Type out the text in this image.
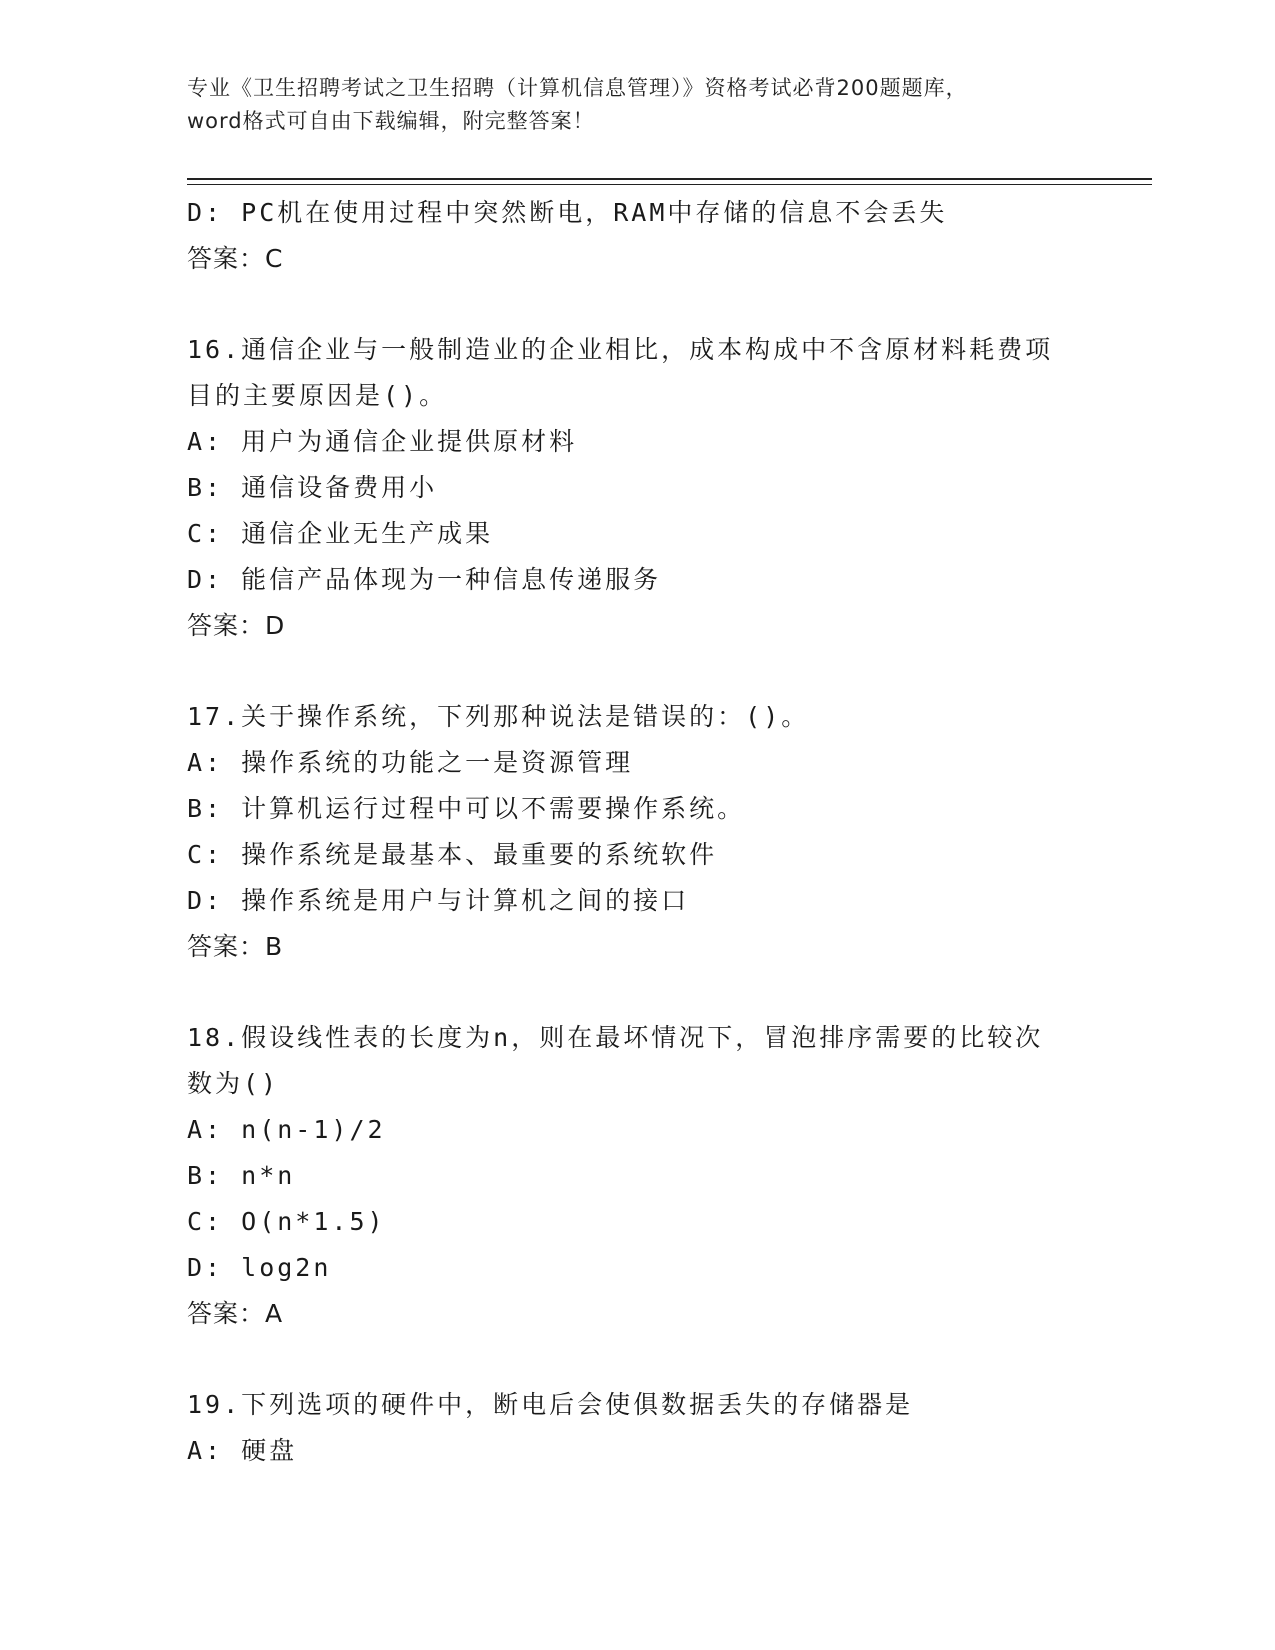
专业《卫生招聘考试之卫生招聘（计算机信息管理）》资格考试必背200题题库，
word格式可自由下载编辑，附完整答案！
D: PC机在使用过程中突然断电，RAM中存储的信息不会丢失
答案：C
16.通信企业与一般制造业的企业相比，成本构成中不含原材料耗费项
目的主要原因是()。
A: 用户为通信企业提供原材料
B: 通信设备费用小
C: 通信企业无生产成果
D: 能信产品体现为一种信息传递服务
答案：D
17.关于操作系统，下列那种说法是错误的：()。
A: 操作系统的功能之一是资源管理
B: 计算机运行过程中可以不需要操作系统。
C: 操作系统是最基本、最重要的系统软件
D: 操作系统是用户与计算机之间的接口
答案：B
18.假设线性表的长度为n，则在最坏情况下，冒泡排序需要的比较次
数为()
A: n(n-1)/2
B: n*n
C: O(n*1.5)
D: log2n
答案：A
19.下列选项的硬件中，断电后会使俱数据丢失的存储器是
A: 硬盘
